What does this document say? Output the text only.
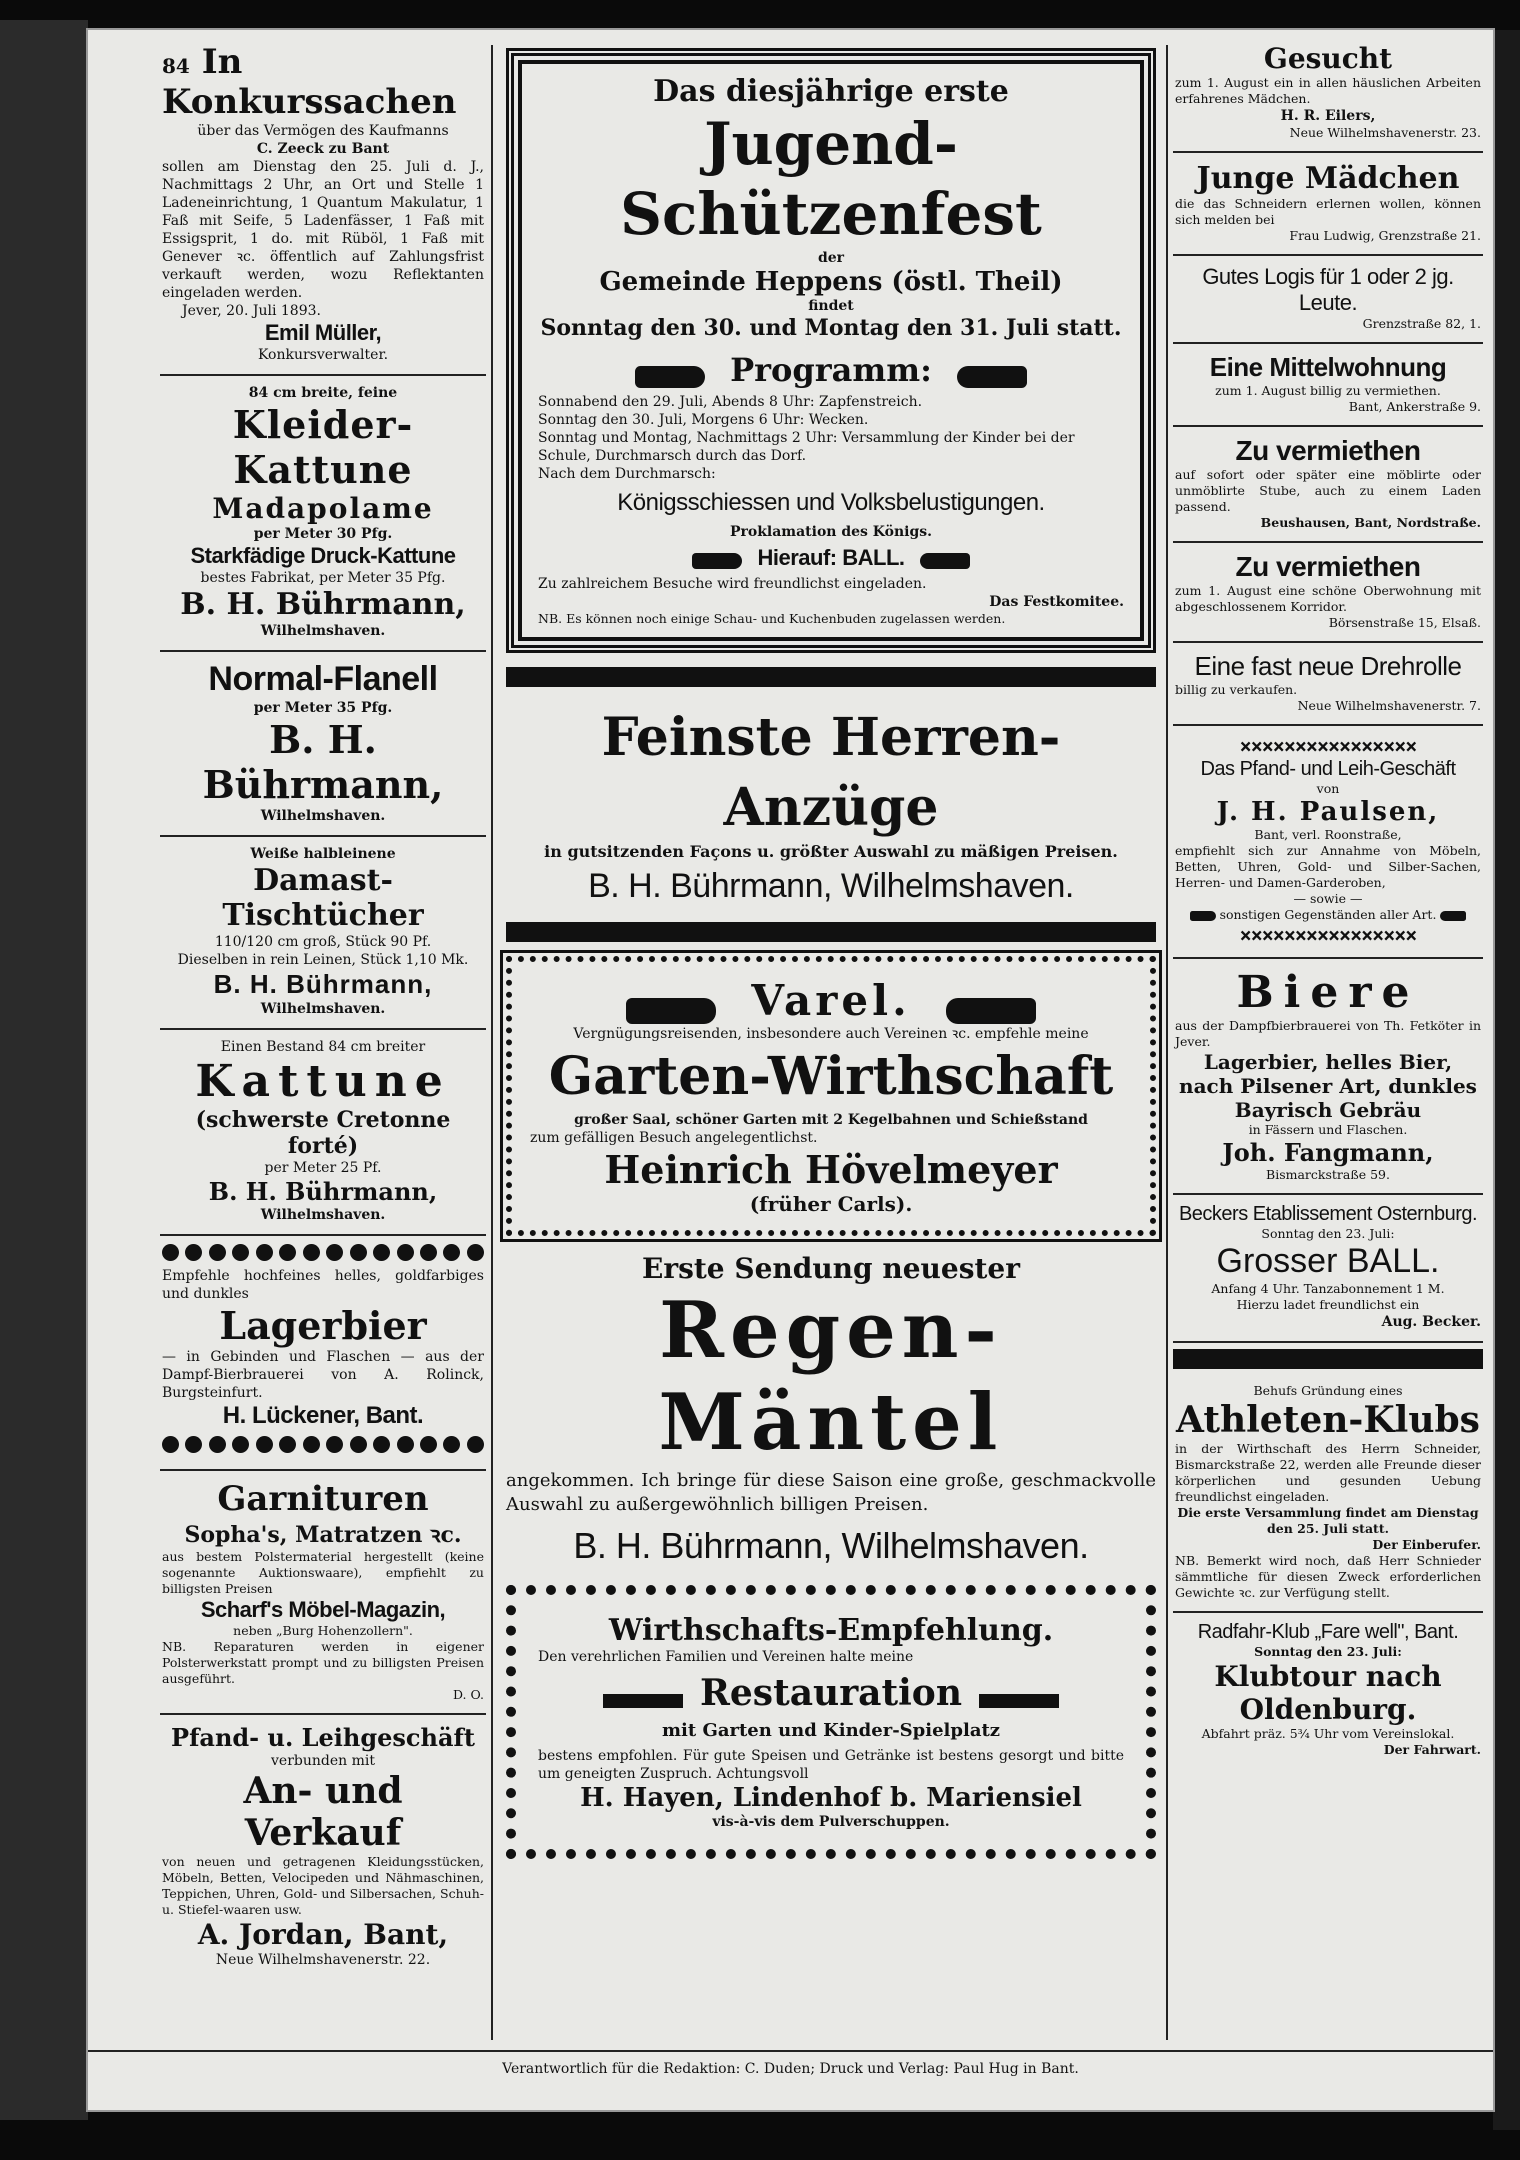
84 In Konkurssachen
über das Vermögen des Kaufmanns
C. Zeeck zu Bant
sollen am Dienstag den 25. Juli d. J., Nachmittags 2 Uhr, an Ort und Stelle 1 Ladeneinrichtung, 1 Quantum Makulatur, 1 Faß mit Seife, 5 Ladenfässer, 1 Faß mit Essigsprit, 1 do. mit Rüböl, 1 Faß mit Genever ꝛc. öffentlich auf Zahlungsfrist verkauft werden, wozu Reflektanten eingeladen werden.
Jever, 20. Juli 1893.
Emil Müller,
Konkursverwalter.
84 cm breite, feine
Kleider-Kattune
Madapolame
per Meter 30 Pfg.
Starkfädige Druck-Kattune
bestes Fabrikat, per Meter 35 Pfg.
B. H. Bührmann,
Wilhelmshaven.
Normal-Flanell
per Meter 35 Pfg.
B. H. Bührmann,
Wilhelmshaven.
Weiße halbleinene
Damast-Tischtücher
110/120 cm groß, Stück 90 Pf.
Dieselben in rein Leinen, Stück 1,10 Mk.
B. H. Bührmann,
Wilhelmshaven.
Einen Bestand 84 cm breiter
Kattune
(schwerste Cretonne forté)
per Meter 25 Pf.
B. H. Bührmann,
Wilhelmshaven.
Empfehle hochfeines helles, goldfarbiges und dunkles
Lagerbier
— in Gebinden und Flaschen — aus der Dampf-Bierbrauerei von A. Rolinck, Burgsteinfurt.
H. Lückener, Bant.
Garnituren
Sopha's, Matratzen ꝛc.
aus bestem Polstermaterial hergestellt (keine sogenannte Auktionswaare), empfiehlt zu billigsten Preisen
Scharf's Möbel-Magazin,
neben „Burg Hohenzollern".
NB. Reparaturen werden in eigener Polsterwerkstatt prompt und zu billigsten Preisen ausgeführt.
D. O.
Pfand- u. Leihgeschäft
verbunden mit
An- und Verkauf
von neuen und getragenen Kleidungsstücken, Möbeln, Betten, Velocipeden und Nähmaschinen, Teppichen, Uhren, Gold- und Silbersachen, Schuh- u. Stiefel-waaren usw.
A. Jordan, Bant,
Neue Wilhelmshavenerstr. 22.
Das diesjährige erste
Jugend-Schützenfest
der
Gemeinde Heppens (östl. Theil)
findet
Sonntag den 30. und Montag den 31. Juli statt.
Programm:
Sonnabend den 29. Juli, Abends 8 Uhr: Zapfenstreich.
Sonntag den 30. Juli, Morgens 6 Uhr: Wecken.
Sonntag und Montag, Nachmittags 2 Uhr: Versammlung der Kinder bei der Schule, Durchmarsch durch das Dorf.
Nach dem Durchmarsch:
Königsschiessen und Volksbelustigungen.
Proklamation des Königs.
Hierauf: BALL.
Zu zahlreichem Besuche wird freundlichst eingeladen.
Das Festkomitee.
NB. Es können noch einige Schau- und Kuchenbuden zugelassen werden.
Feinste Herren-Anzüge
in gutsitzenden Façons u. größter Auswahl zu mäßigen Preisen.
B. H. Bührmann, Wilhelmshaven.
Varel.
Vergnügungsreisenden, insbesondere auch Vereinen ꝛc. empfehle meine
Garten-Wirthschaft
großer Saal, schöner Garten mit 2 Kegelbahnen und Schießstand
zum gefälligen Besuch angelegentlichst.
Heinrich Hövelmeyer
(früher Carls).
Erste Sendung neuester
Regen-Mäntel
angekommen. Ich bringe für diese Saison eine große, geschmackvolle Auswahl zu außergewöhnlich billigen Preisen.
B. H. Bührmann, Wilhelmshaven.
Wirthschafts-Empfehlung.
Den verehrlichen Familien und Vereinen halte meine
Restauration
mit Garten und Kinder-Spielplatz
bestens empfohlen. Für gute Speisen und Getränke ist bestens gesorgt und bitte um geneigten Zuspruch. Achtungsvoll
H. Hayen, Lindenhof b. Mariensiel
vis-à-vis dem Pulverschuppen.
Gesucht
zum 1. August ein in allen häuslichen Arbeiten erfahrenes Mädchen.
H. R. Eilers,
Neue Wilhelmshavenerstr. 23.
Junge Mädchen
die das Schneidern erlernen wollen, können sich melden bei
Frau Ludwig, Grenzstraße 21.
Gutes Logis für 1 oder 2 jg. Leute.
Grenzstraße 82, 1.
Eine Mittelwohnung
zum 1. August billig zu vermiethen.
Bant, Ankerstraße 9.
Zu vermiethen
auf sofort oder später eine möblirte oder unmöblirte Stube, auch zu einem Laden passend.
Beushausen, Bant, Nordstraße.
Zu vermiethen
zum 1. August eine schöne Oberwohnung mit abgeschlossenem Korridor.
Börsenstraße 15, Elsaß.
Eine fast neue Drehrolle
billig zu verkaufen.
Neue Wilhelmshavenerstr. 7.
××××××××××××××××
Das Pfand- und Leih-Geschäft
von
J. H. Paulsen,
Bant, verl. Roonstraße,
empfiehlt sich zur Annahme von Möbeln, Betten, Uhren, Gold- und Silber-Sachen, Herren- und Damen-Garderoben,
— sowie —
sonstigen Gegenständen aller Art.
××××××××××××××××
Biere
aus der Dampfbierbrauerei von Th. Fetköter in Jever.
Lagerbier, helles Bier, nach Pilsener Art, dunkles Bayrisch Gebräu
in Fässern und Flaschen.
Joh. Fangmann,
Bismarckstraße 59.
Beckers Etablissement Osternburg.
Sonntag den 23. Juli:
Grosser BALL.
Anfang 4 Uhr. Tanzabonnement 1 M.
Hierzu ladet freundlichst ein
Aug. Becker.
Behufs Gründung eines
Athleten-Klubs
in der Wirthschaft des Herrn Schneider, Bismarckstraße 22, werden alle Freunde dieser körperlichen und gesunden Uebung freundlichst eingeladen.
Die erste Versammlung findet am Dienstag den 25. Juli statt.
Der Einberufer.
NB. Bemerkt wird noch, daß Herr Schnieder sämmtliche für diesen Zweck erforderlichen Gewichte ꝛc. zur Verfügung stellt.
Radfahr-Klub „Fare well", Bant.
Sonntag den 23. Juli:
Klubtour nach Oldenburg.
Abfahrt präz. 5¾ Uhr vom Vereinslokal.
Der Fahrwart.
Verantwortlich für die Redaktion: C. Duden; Druck und Verlag: Paul Hug in Bant.
